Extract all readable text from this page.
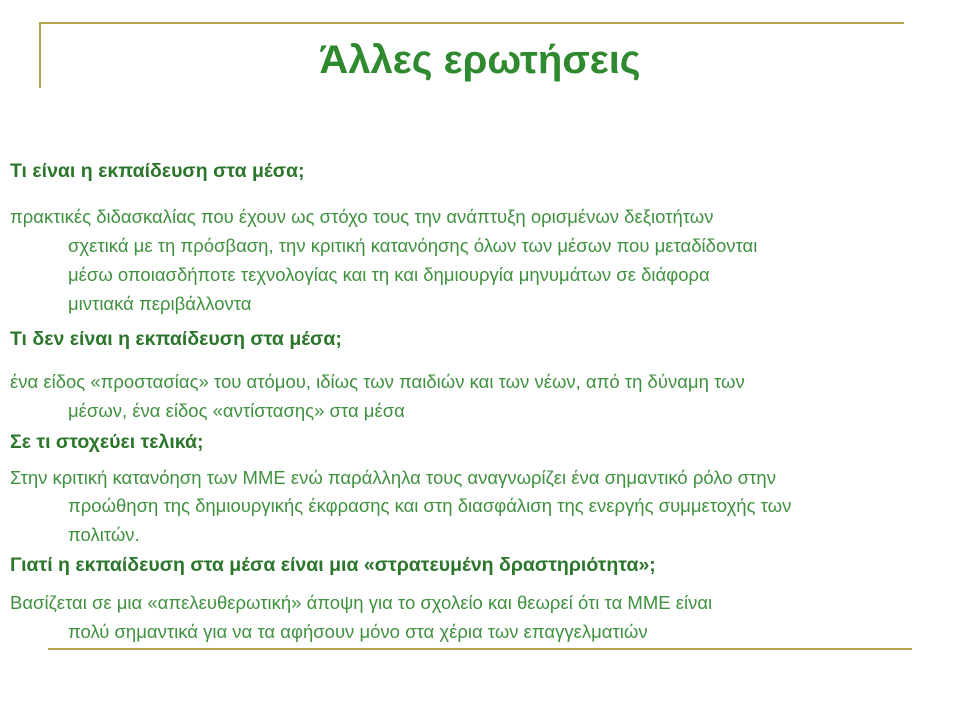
Άλλες ερωτήσεις

Τι είναι η εκπαίδευση στα μέσα;

πρακτικές διδασκαλίας που έχουν ως στόχο τους την ανάπτυξη ορισμένων δεξιοτήτων
σχετικά με τη πρόσβαση, την κριτική κατανόησης όλων των μέσων που μεταδίδονται
μέσω οποιασδήποτε τεχνολογίας και τη και δημιουργία μηνυμάτων σε διάφορα
μιντιακά περιβάλλοντα

Τι δεν είναι η εκπαίδευση στα μέσα;

ένα είδος «προστασίας» του ατόμου, ιδίως των παιδιών και των νέων, από τη δύναμη των
μέσων, ένα είδος «αντίστασης» στα μέσα

Σε τι στοχεύει τελικά;

Στην κριτική κατανόηση των ΜΜΕ ενώ παράλληλα τους αναγνωρίζει ένα σημαντικό ρόλο στην
προώθηση της δημιουργικής έκφρασης και στη διασφάλιση της ενεργής συμμετοχής των
πολιτών.

Γιατί η εκπαίδευση στα μέσα είναι μια «στρατευμένη δραστηριότητα»;

Βασίζεται σε μια «απελευθερωτική» άποψη για το σχολείο και θεωρεί ότι τα ΜΜΕ είναι
πολύ σημαντικά για να τα αφήσουν μόνο στα χέρια των επαγγελματιών
